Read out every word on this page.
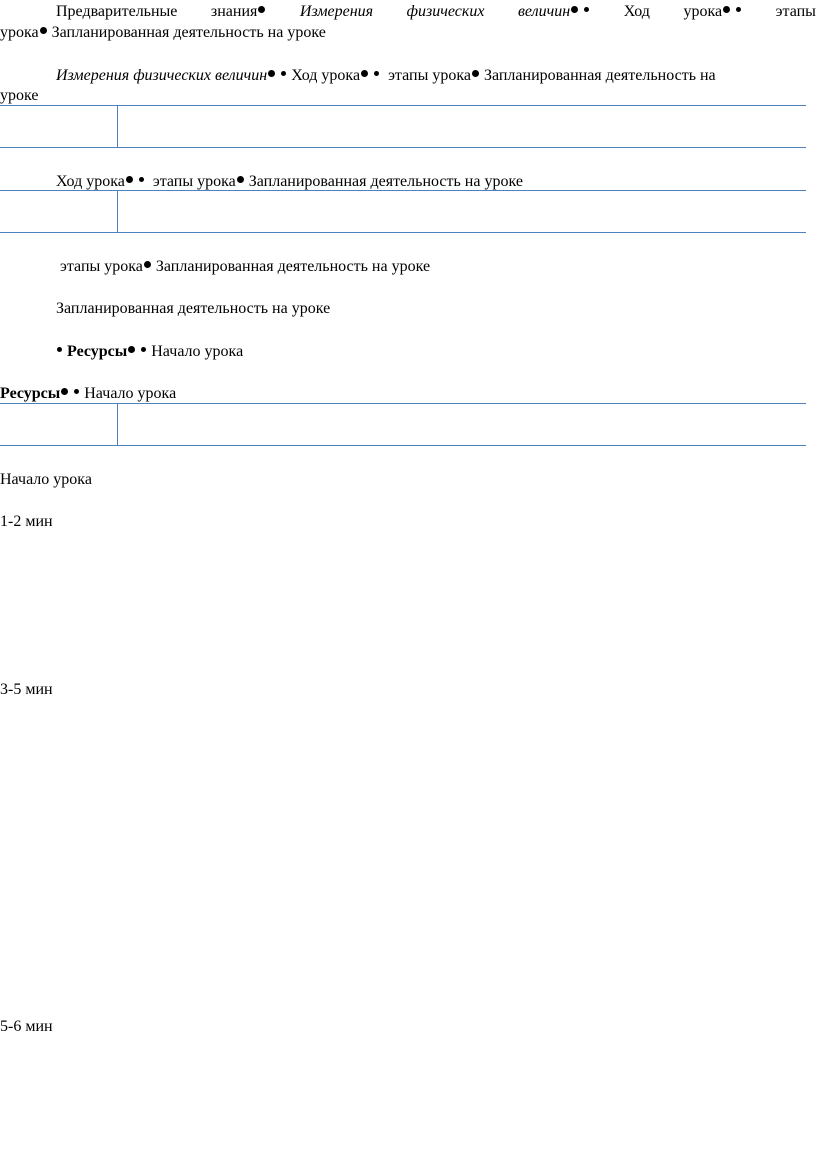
Предварительные знания	Измерения физических величин	Ход урока	этапы
урока Запланированная деятельность на уроке
Измерения физических величин Ход урока этапы урока Запланированная деятельность на
уроке
Ход урока этапы урока Запланированная деятельность на уроке
этапы урока Запланированная деятельность на уроке
Запланированная деятельность на уроке
Ресурсы Начало урока
Ресурсы Начало урока
Начало урока
1-2 мин
3-5 мин
5-6 мин
